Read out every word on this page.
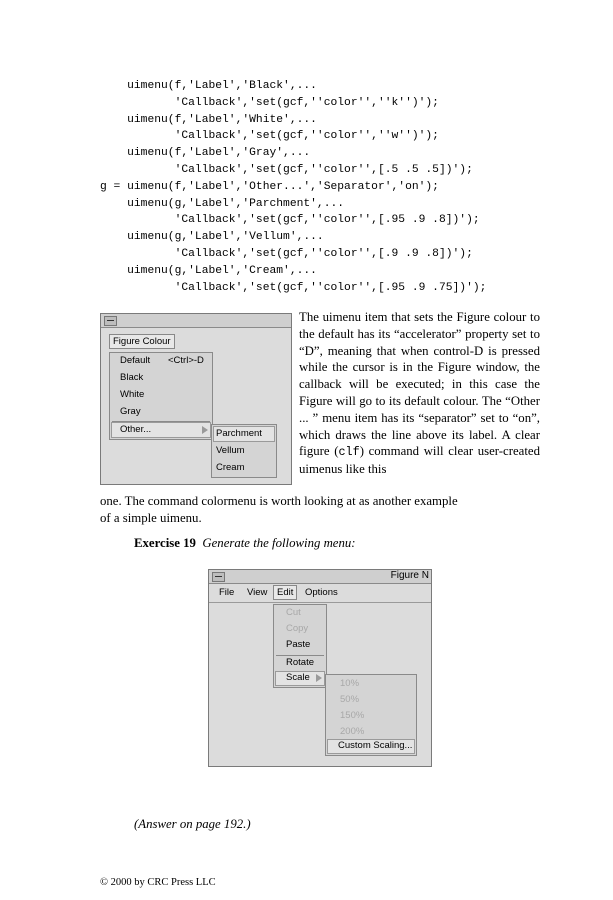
uimenu(f,'Label','Black',...
'Callback','set(gcf,''color'',''k'')');
uimenu(f,'Label','White',...
'Callback','set(gcf,''color'',''w'')');
uimenu(f,'Label','Gray',...
'Callback','set(gcf,''color'',[.5 .5 .5])');
g = uimenu(f,'Label','Other...','Separator','on');
uimenu(g,'Label','Parchment',...
'Callback','set(gcf,''color'',[.95 .9 .8])');
uimenu(g,'Label','Vellum',...
'Callback','set(gcf,''color'',[.9 .9 .8])');
uimenu(g,'Label','Cream',...
'Callback','set(gcf,''color'',[.95 .9 .75])');
Figure Colour
Default <Ctrl>-D
Black
White
Gray
Other...	Parchment
Vellum
Cream
The uimenu item that sets the Figure colour to the default has its “accelerator” property set to “D”, meaning that when control-D is pressed while the cursor is in the Figure window, the callback will be executed; in this case the Figure will go to its default colour. The “Other ... ” menu item has its “separator” set to “on”, which draws the line above its label. A clear figure (clf) command will clear user-created uimenus like this
one. The command colormenu is worth looking at as another example
of a simple uimenu.
Exercise 19 Generate the following menu:
Figure N
File View	Edit	Options
Cut
Copy
Paste
Rotate
Scale
10%
50%
150%
200%
Custom Scaling...
(Answer on page 192.)
© 2000 by CRC Press LLC
